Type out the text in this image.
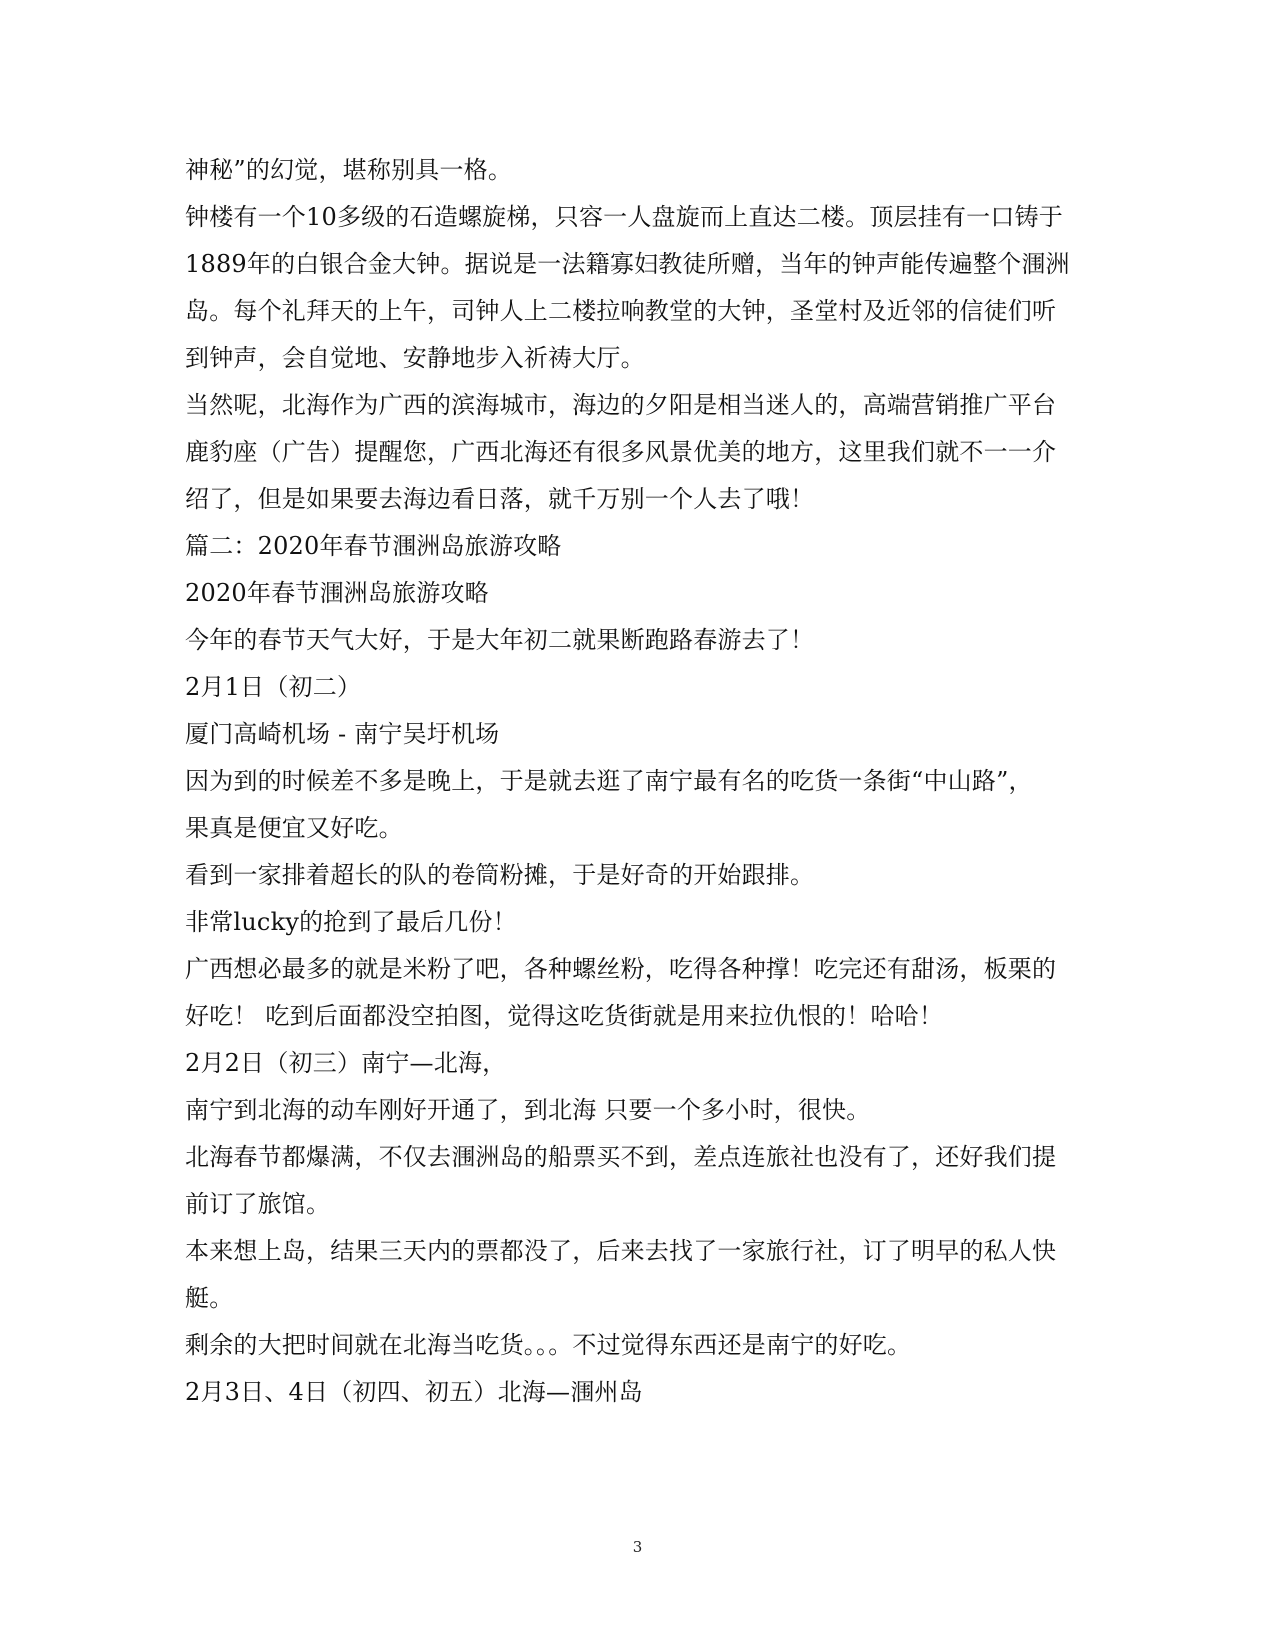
神秘”的幻觉，堪称别具一格。
钟楼有一个10多级的石造螺旋梯，只容一人盘旋而上直达二楼。顶层挂有一口铸于
1889年的白银合金大钟。据说是一法籍寡妇教徒所赠，当年的钟声能传遍整个涠洲
岛。每个礼拜天的上午，司钟人上二楼拉响教堂的大钟，圣堂村及近邻的信徒们听
到钟声，会自觉地、安静地步入祈祷大厅。
当然呢，北海作为广西的滨海城市，海边的夕阳是相当迷人的，高端营销推广平台
鹿豹座（广告）提醒您，广西北海还有很多风景优美的地方，这里我们就不一一介
绍了，但是如果要去海边看日落，就千万别一个人去了哦！
篇二：2020年春节涠洲岛旅游攻略
2020年春节涠洲岛旅游攻略
今年的春节天气大好，于是大年初二就果断跑路春游去了！
2月1日（初二）
厦门高崎机场 - 南宁吴圩机场
因为到的时候差不多是晚上，于是就去逛了南宁最有名的吃货一条街“中山路”，
果真是便宜又好吃。
看到一家排着超长的队的卷筒粉摊，于是好奇的开始跟排。
非常lucky的抢到了最后几份！
广西想必最多的就是米粉了吧，各种螺丝粉，吃得各种撑！吃完还有甜汤，板栗的
好吃！ 吃到后面都没空拍图，觉得这吃货街就是用来拉仇恨的！哈哈！
2月2日（初三）南宁—北海，
南宁到北海的动车刚好开通了，到北海 只要一个多小时，很快。
北海春节都爆满，不仅去涠洲岛的船票买不到，差点连旅社也没有了，还好我们提
前订了旅馆。
本来想上岛，结果三天内的票都没了，后来去找了一家旅行社，订了明早的私人快
艇。
剩余的大把时间就在北海当吃货。。。不过觉得东西还是南宁的好吃。
2月3日、4日（初四、初五）北海—涠州岛
3
